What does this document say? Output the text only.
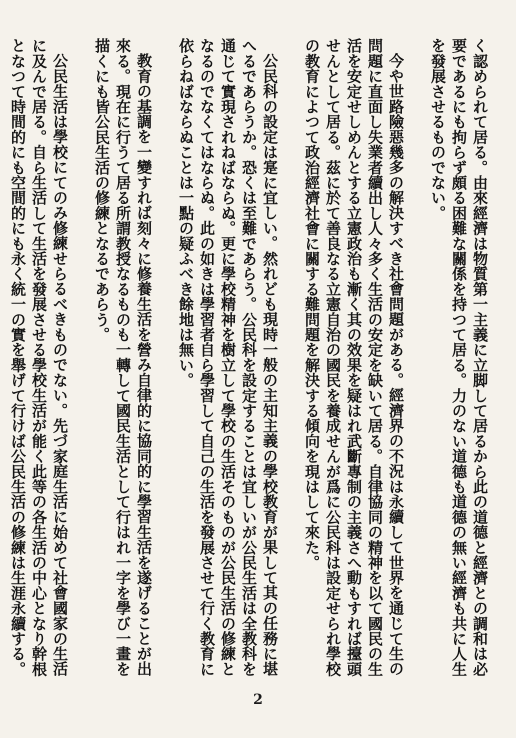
く認められて居る。由來經濟は物質第一主義に立脚して居るから此の道德と經濟との調和は必要であるにも拘らず頗る困難な關係を持つて居る。力のない道德も道德の無い經濟も共に人生を發展させるものでない。

今や世路險惡幾多の解決すべき社會問題がある。經濟界の不況は永續して世界を通じて生の問題に直面し失業者續出し人々多く生活の安定を缺いて居る。自律協同の精神を以て國民の生活を安定せしめんとする立憲政治も漸く其の效果を疑はれ武斷專制の主義さへ動もすれば擡頭せんとして居る。茲に於て善良なる立憲自治の國民を養成せんが爲に公民科は設定せられ學校の教育によつて政治經濟社會に關する難問題を解決する傾向を現はして來た。

公民科の設定は寔に宜しい。然れども現時一般の主知主義の學校教育が果して其の任務に堪へるであらうか。恐くは至難であらう。公民科を設定することは宜しいが公民生活は全教科を通じて實現されねばならぬ。更に學校精神を樹立して學校の生活そのものが公民生活の修練となるのでなくてはならぬ。此の如きは學習者自ら學習して自己の生活を發展させて行く教育に依らねばならぬことは一點の疑ふべき餘地は無い。

教育の基調を一變すれば刻々に修養生活を營み自律的に協同的に學習生活を遂げることが出來る。現在に行うて居る所謂教授なるものも一轉して國民生活として行はれ一字を學び一畫を描くにも皆公民生活の修練となるであらう。

公民生活は學校にてのみ修練せらるべきものでない。先づ家庭生活に始めて社會國家の生活に及んで居る。自ら生活して生活を發展させる學校生活が能く此等の各生活の中心となり幹根となつて時間的にも空間的にも永く統一の實を舉げて行けば公民生活の修練は生涯永續する。

2
